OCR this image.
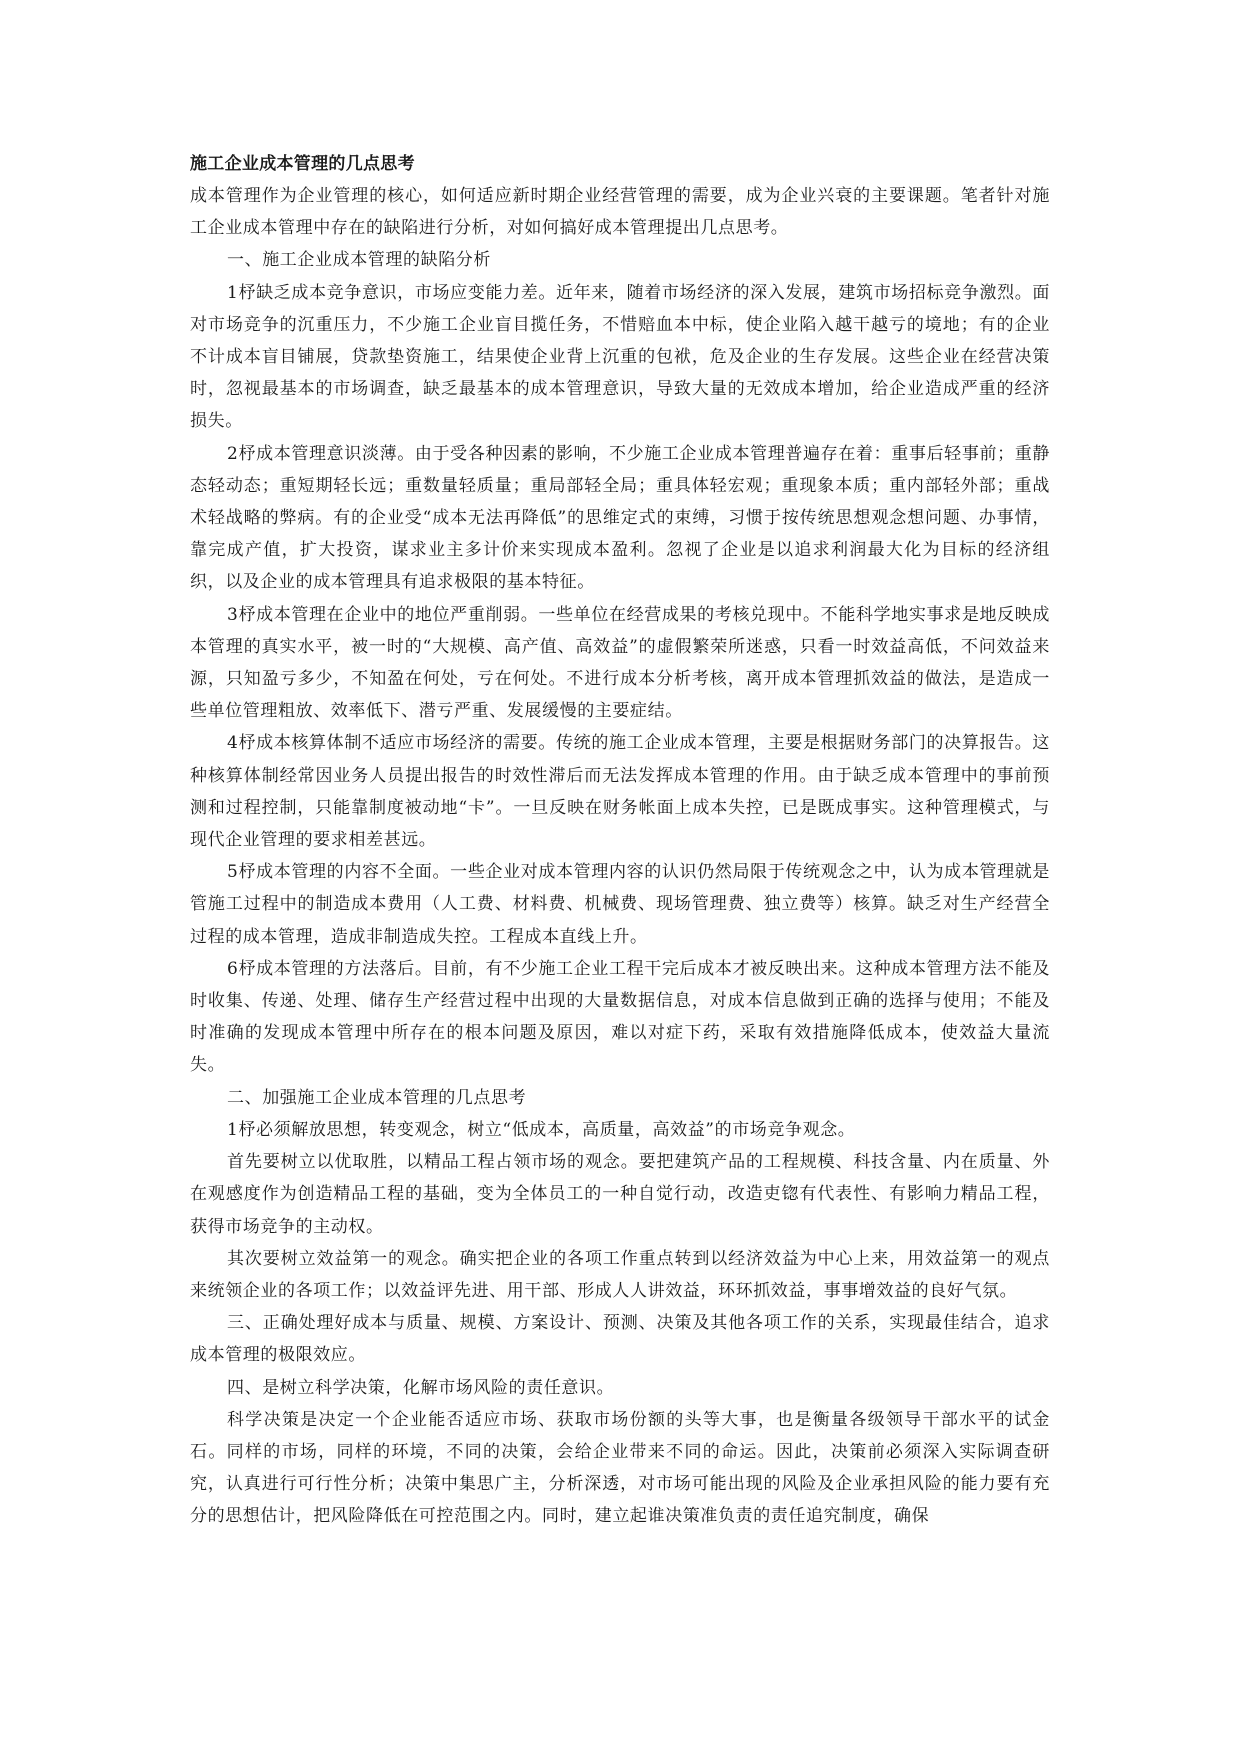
施工企业成本管理的几点思考

成本管理作为企业管理的核心，如何适应新时期企业经营管理的需要，成为企业兴衰的主要课题。笔者针对施工企业成本管理中存在的缺陷进行分析，对如何搞好成本管理提出几点思考。

一、施工企业成本管理的缺陷分析

1杼缺乏成本竞争意识，市场应变能力差。近年来，随着市场经济的深入发展，建筑市场招标竞争激烈。面对市场竞争的沉重压力，不少施工企业盲目揽任务，不惜赔血本中标，使企业陷入越干越亏的境地；有的企业不计成本盲目铺展，贷款垫资施工，结果使企业背上沉重的包袱，危及企业的生存发展。这些企业在经营决策时，忽视最基本的市场调查，缺乏最基本的成本管理意识，导致大量的无效成本增加，给企业造成严重的经济损失。

2杼成本管理意识淡薄。由于受各种因素的影响，不少施工企业成本管理普遍存在着：重事后轻事前；重静态轻动态；重短期轻长远；重数量轻质量；重局部轻全局；重具体轻宏观；重现象本质；重内部轻外部；重战术轻战略的弊病。有的企业受“成本无法再降低”的思维定式的束缚，习惯于按传统思想观念想问题、办事情，靠完成产值，扩大投资，谋求业主多计价来实现成本盈利。忽视了企业是以追求利润最大化为目标的经济组织，以及企业的成本管理具有追求极限的基本特征。

3杼成本管理在企业中的地位严重削弱。一些单位在经营成果的考核兑现中。不能科学地实事求是地反映成本管理的真实水平，被一时的“大规模、高产值、高效益”的虚假繁荣所迷惑，只看一时效益高低，不问效益来源，只知盈亏多少，不知盈在何处，亏在何处。不进行成本分析考核，离开成本管理抓效益的做法，是造成一些单位管理粗放、效率低下、潜亏严重、发展缓慢的主要症结。

4杼成本核算体制不适应市场经济的需要。传统的施工企业成本管理，主要是根据财务部门的决算报告。这种核算体制经常因业务人员提出报告的时效性滞后而无法发挥成本管理的作用。由于缺乏成本管理中的事前预测和过程控制，只能靠制度被动地“卡”。一旦反映在财务帐面上成本失控，已是既成事实。这种管理模式，与现代企业管理的要求相差甚远。

5杼成本管理的内容不全面。一些企业对成本管理内容的认识仍然局限于传统观念之中，认为成本管理就是管施工过程中的制造成本费用（人工费、材料费、机械费、现场管理费、独立费等）核算。缺乏对生产经营全过程的成本管理，造成非制造成失控。工程成本直线上升。

6杼成本管理的方法落后。目前，有不少施工企业工程干完后成本才被反映出来。这种成本管理方法不能及时收集、传递、处理、储存生产经营过程中出现的大量数据信息，对成本信息做到正确的选择与使用；不能及时准确的发现成本管理中所存在的根本问题及原因，难以对症下药，采取有效措施降低成本，使效益大量流失。

二、加强施工企业成本管理的几点思考

1杼必须解放思想，转变观念，树立“低成本，高质量，高效益”的市场竞争观念。

首先要树立以优取胜，以精品工程占领市场的观念。要把建筑产品的工程规模、科技含量、内在质量、外在观感度作为创造精品工程的基础，变为全体员工的一种自觉行动，改造吏锪有代表性、有影响力精品工程，获得市场竞争的主动权。

其次要树立效益第一的观念。确实把企业的各项工作重点转到以经济效益为中心上来，用效益第一的观点来统领企业的各项工作；以效益评先进、用干部、形成人人讲效益，环环抓效益，事事增效益的良好气氛。

三、正确处理好成本与质量、规模、方案设计、预测、决策及其他各项工作的关系，实现最佳结合，追求成本管理的极限效应。

四、是树立科学决策，化解市场风险的责任意识。

科学决策是决定一个企业能否适应市场、获取市场份额的头等大事，也是衡量各级领导干部水平的试金石。同样的市场，同样的环境，不同的决策，会给企业带来不同的命运。因此，决策前必须深入实际调查研究，认真进行可行性分析；决策中集思广主，分析深透，对市场可能出现的风险及企业承担风险的能力要有充分的思想估计，把风险降低在可控范围之内。同时，建立起谁决策准负责的责任追究制度，确保
